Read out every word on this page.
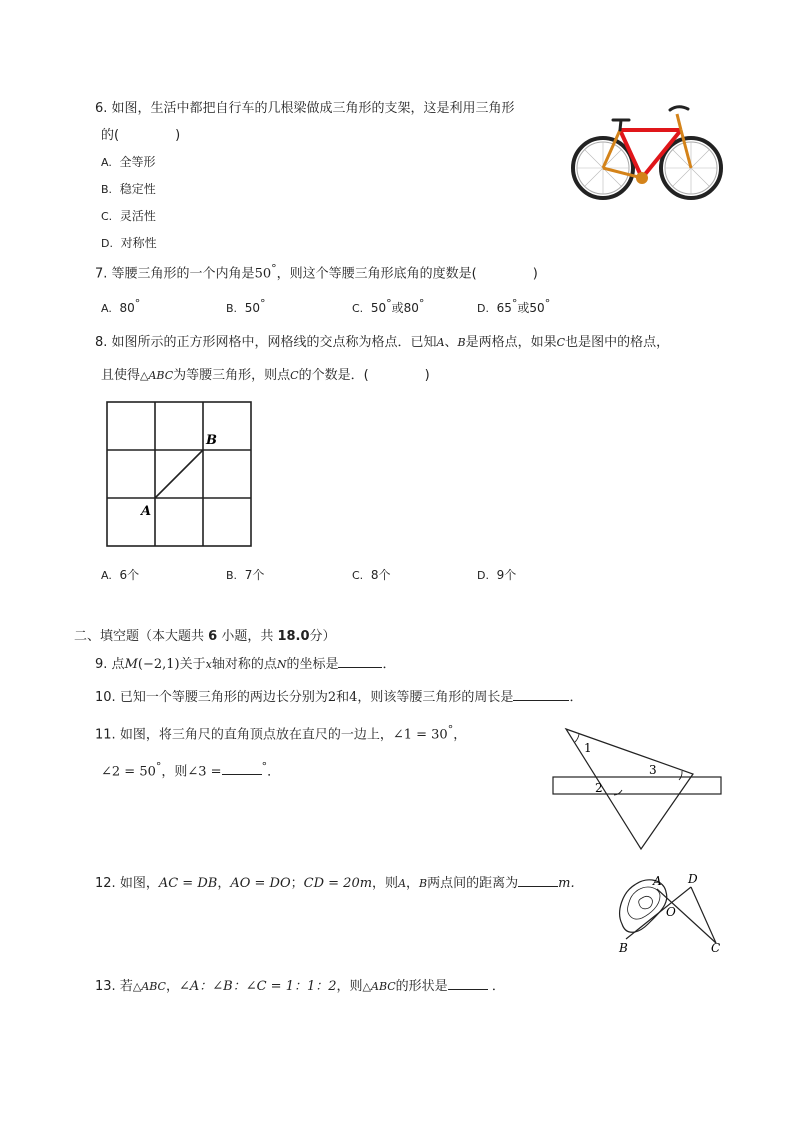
6. 如图，生活中都把自行车的几根梁做成三角形的支架，这是利用三角形
的(	)
A. 全等形
B. 稳定性
C. 灵活性
D. 对称性
7. 等腰三角形的一个内角是50°，则这个等腰三角形底角的度数是(	)
A. 80°	B. 50°	C. 50°或80°	D. 65°或50°
8. 如图所示的正方形网格中，网格线的交点称为格点．已知A、B是两格点，如果C也是图中的格点，
且使得△ABC为等腰三角形，则点C的个数是．(	)
B
A
A. 6个	B. 7个	C. 8个	D. 9个
二、填空题（本大题共 6 小题，共 18.0分）
9. 点M(−2,1)关于x轴对称的点N的坐标是	．
10. 已知一个等腰三角形的两边长分别为2和4，则该等腰三角形的周长是	．
11. 如图，将三角尺的直角顶点放在直尺的一边上，∠1 = 30°，
∠2 = 50°，则∠3 =	°．
1
3
2
12. 如图，AC = DB，AO = DO；CD = 20m，则A，B两点间的距离为	m.	A D
O
B	C
13. 若△ABC，∠A：∠B：∠C = 1：1：2，则△ABC的形状是	．
